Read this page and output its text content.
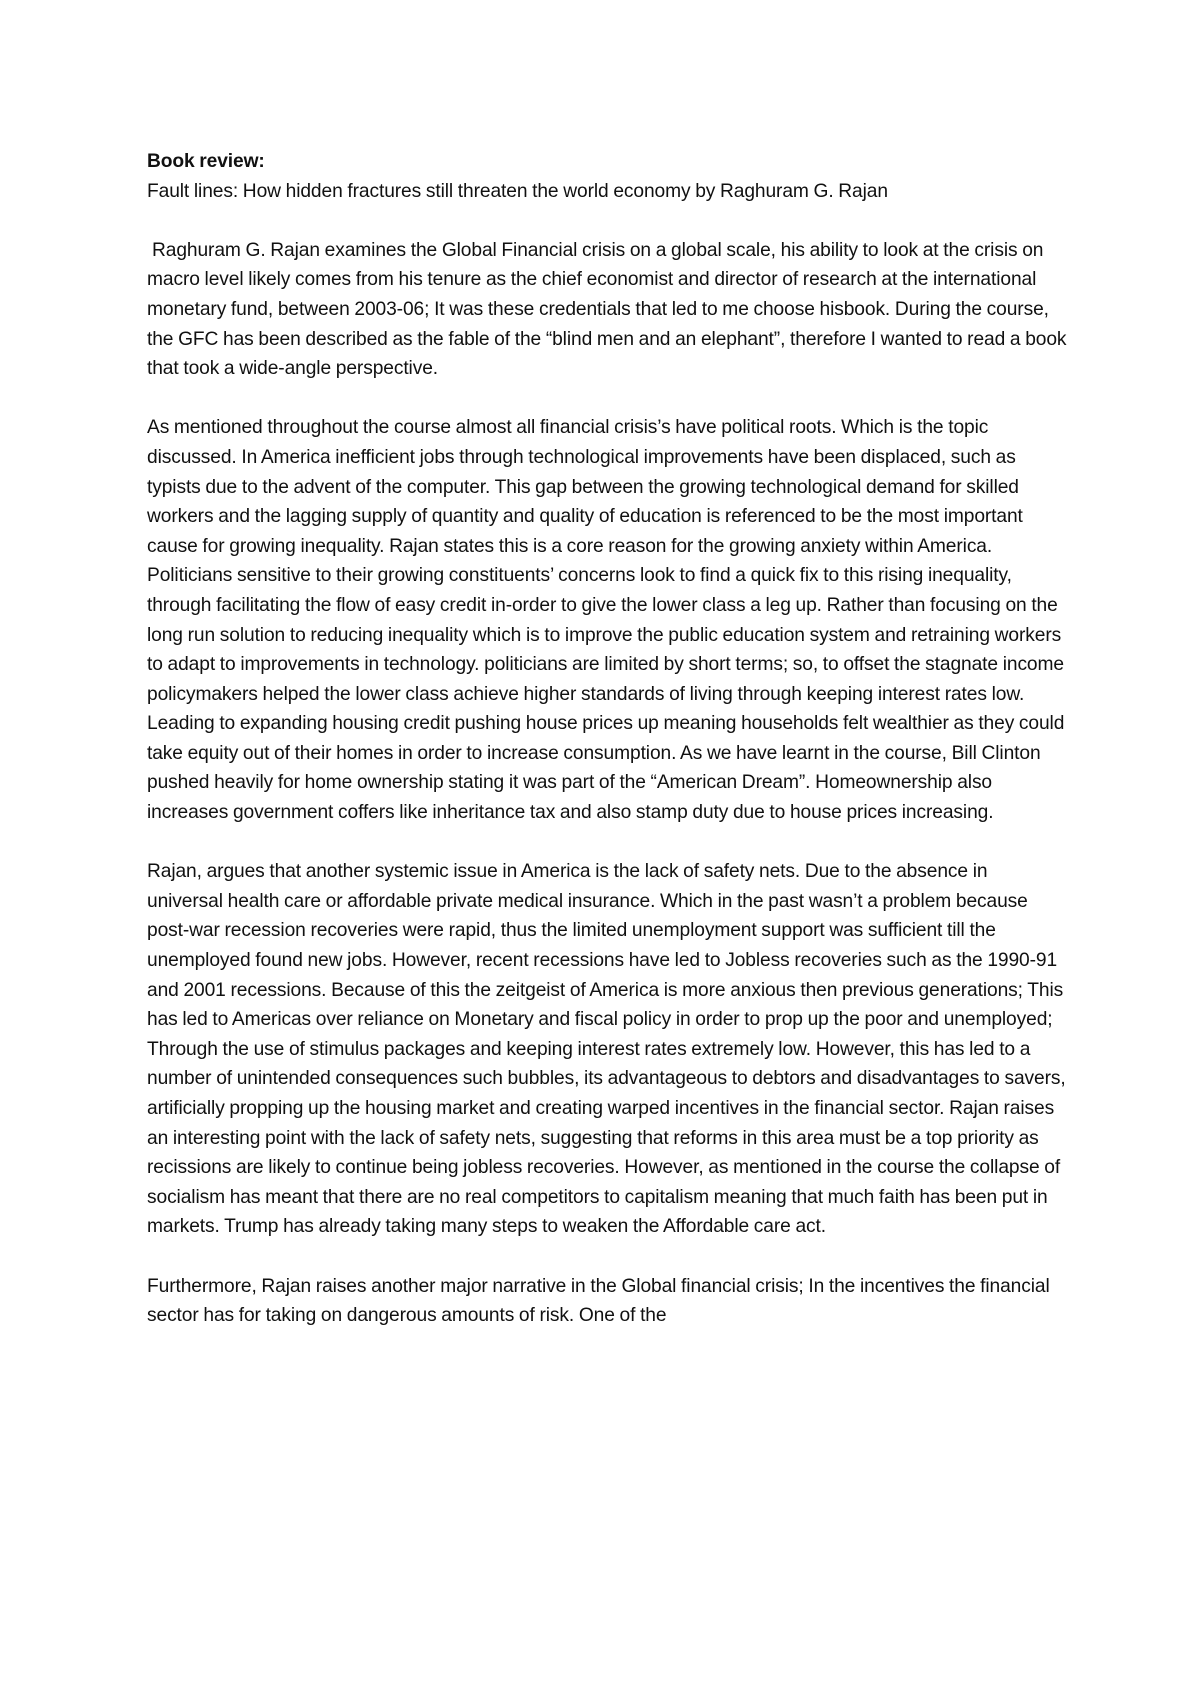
Book review:
Fault lines: How hidden fractures still threaten the world economy by Raghuram G. Rajan

Raghuram G. Rajan examines the Global Financial crisis on a global scale, his ability to look at the crisis on macro level likely comes from his tenure as the chief economist and director of research at the international monetary fund, between 2003-06; It was these credentials that led to me choose hisbook. During the course, the GFC has been described as the fable of the “blind men and an elephant”, therefore I wanted to read a book that took a wide-angle perspective.

As mentioned throughout the course almost all financial crisis’s have political roots. Which is the topic discussed. In America inefficient jobs through technological improvements have been displaced, such as typists due to the advent of the computer. This gap between the growing technological demand for skilled workers and the lagging supply of quantity and quality of education is referenced to be the most important cause for growing inequality. Rajan states this is a core reason for the growing anxiety within America. Politicians sensitive to their growing constituents’ concerns look to find a quick fix to this rising inequality, through facilitating the flow of easy credit in-order to give the lower class a leg up. Rather than focusing on the long run solution to reducing inequality which is to improve the public education system and retraining workers to adapt to improvements in technology. politicians are limited by short terms; so, to offset the stagnate income policymakers helped the lower class achieve higher standards of living through keeping interest rates low. Leading to expanding housing credit pushing house prices up meaning households felt wealthier as they could take equity out of their homes in order to increase consumption. As we have learnt in the course, Bill Clinton pushed heavily for home ownership stating it was part of the “American Dream”. Homeownership also increases government coffers like inheritance tax and also stamp duty due to house prices increasing.

Rajan, argues that another systemic issue in America is the lack of safety nets. Due to the absence in universal health care or affordable private medical insurance. Which in the past wasn’t a problem because post-war recession recoveries were rapid, thus the limited unemployment support was sufficient till the unemployed found new jobs. However, recent recessions have led to Jobless recoveries such as the 1990-91 and 2001 recessions. Because of this the zeitgeist of America is more anxious then previous generations; This has led to Americas over reliance on Monetary and fiscal policy in order to prop up the poor and unemployed; Through the use of stimulus packages and keeping interest rates extremely low. However, this has led to a number of unintended consequences such bubbles, its advantageous to debtors and disadvantages to savers, artificially propping up the housing market and creating warped incentives in the financial sector. Rajan raises an interesting point with the lack of safety nets, suggesting that reforms in this area must be a top priority as recissions are likely to continue being jobless recoveries. However, as mentioned in the course the collapse of socialism has meant that there are no real competitors to capitalism meaning that much faith has been put in markets. Trump has already taking many steps to weaken the Affordable care act.

Furthermore, Rajan raises another major narrative in the Global financial crisis; In the incentives the financial sector has for taking on dangerous amounts of risk. One of the
